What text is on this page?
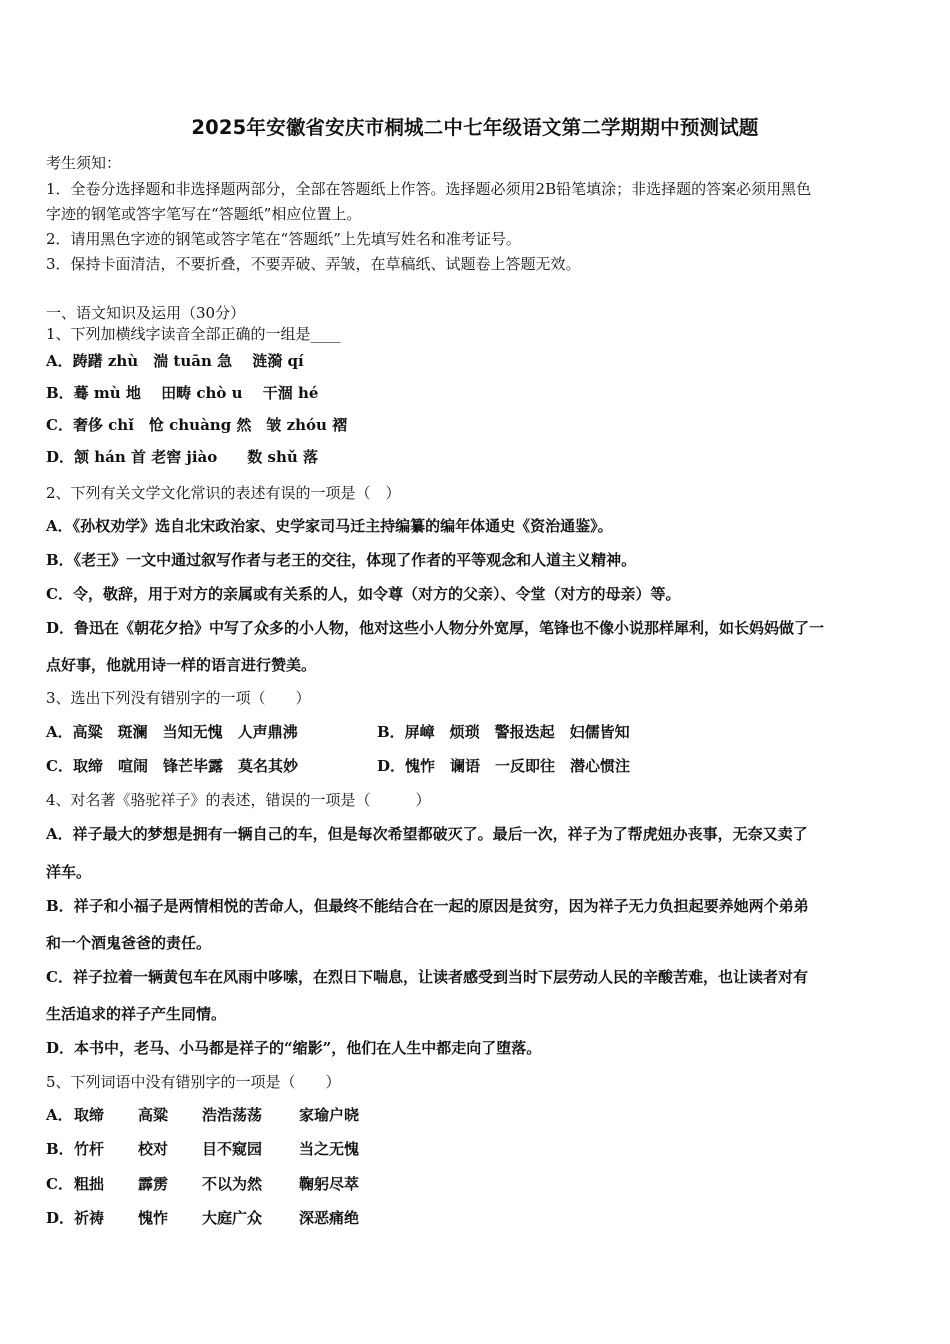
2025年安徽省安庆市桐城二中七年级语文第二学期期中预测试题
考生须知：
1．全卷分选择题和非选择题两部分，全部在答题纸上作答。选择题必须用2B铅笔填涂；非选择题的答案必须用黑色
字迹的钢笔或答字笔写在“答题纸”相应位置上。
2．请用黑色字迹的钢笔或答字笔在“答题纸”上先填写姓名和准考证号。
3．保持卡面清洁，不要折叠，不要弄破、弄皱，在草稿纸、试题卷上答题无效。
一、语文知识及运用（30分）
1、下列加横线字读音全部正确的一组是____
A．踌躇 zhù　湍 tuān 急　 涟漪 qí
B．蓦 mù 地　 田畴 chò u　 干涸 hé
C．奢侈 chǐ　怆 chuàng 然　皱 zhóu 褶
D．颔 hán 首 老窖 jiào　　数 shǔ 落
2、下列有关文学文化常识的表述有误的一项是（　）
A．《孙权劝学》选自北宋政治家、史学家司马迁主持编纂的编年体通史《资治通鉴》。
B．《老王》一文中通过叙写作者与老王的交往，体现了作者的平等观念和人道主义精神。
C．令，敬辞，用于对方的亲属或有关系的人，如令尊（对方的父亲）、令堂（对方的母亲）等。
D．鲁迅在《朝花夕拾》中写了众多的小人物，他对这些小人物分外宽厚，笔锋也不像小说那样犀利，如长妈妈做了一
点好事，他就用诗一样的语言进行赞美。
3、选出下列没有错别字的一项（　　）
A．高粱　斑澜　当知无愧　人声鼎沸	B．屏嶂　烦琐　警报迭起　妇儒皆知
C．取缔　喧闹　锋芒毕露　莫名其妙	D．愧怍　谰语　一反即往　潜心惯注
4、对名著《骆驼祥子》的表述，错误的一项是（　　　）
A．祥子最大的梦想是拥有一辆自己的车，但是每次希望都破灭了。最后一次，祥子为了帮虎妞办丧事，无奈又卖了
洋车。
B．祥子和小福子是两情相悦的苦命人，但最终不能结合在一起的原因是贫穷，因为祥子无力负担起要养她两个弟弟
和一个酒鬼爸爸的责任。
C．祥子拉着一辆黄包车在风雨中哆嗦，在烈日下喘息，让读者感受到当时下层劳动人民的辛酸苦难，也让读者对有
生活追求的祥子产生同情。
D．本书中，老马、小马都是祥子的“缩影”，他们在人生中都走向了堕落。
5、下列词语中没有错别字的一项是（　　）
A． 取缔 高粱 浩浩荡荡 家瑜户晓
B． 竹杆 校对 目不窥园 当之无愧
C． 粗拙 霹雳 不以为然 鞠躬尽萃
D． 祈祷 愧怍 大庭广众 深恶痛绝
